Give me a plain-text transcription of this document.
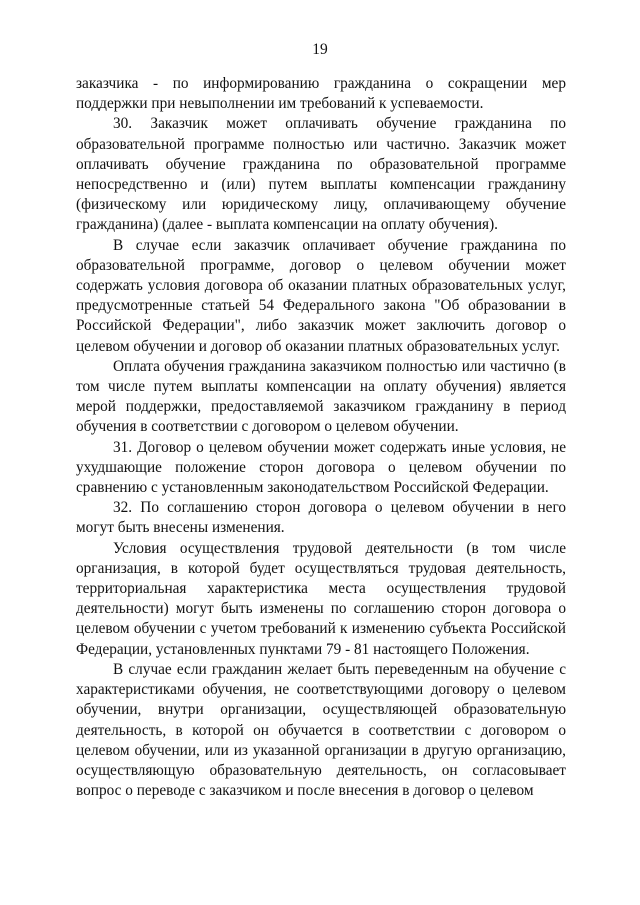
19

заказчика - по информированию гражданина о сокращении мер поддержки при невыполнении им требований к успеваемости.

30. Заказчик может оплачивать обучение гражданина по образовательной программе полностью или частично. Заказчик может оплачивать обучение гражданина по образовательной программе непосредственно и (или) путем выплаты компенсации гражданину (физическому или юридическому лицу, оплачивающему обучение гражданина) (далее - выплата компенсации на оплату обучения).

В случае если заказчик оплачивает обучение гражданина по образовательной программе, договор о целевом обучении может содержать условия договора об оказании платных образовательных услуг, предусмотренные статьей 54 Федерального закона "Об образовании в Российской Федерации", либо заказчик может заключить договор о целевом обучении и договор об оказании платных образовательных услуг.

Оплата обучения гражданина заказчиком полностью или частично (в том числе путем выплаты компенсации на оплату обучения) является мерой поддержки, предоставляемой заказчиком гражданину в период обучения в соответствии с договором о целевом обучении.

31. Договор о целевом обучении может содержать иные условия, не ухудшающие положение сторон договора о целевом обучении по сравнению с установленным законодательством Российской Федерации.

32. По соглашению сторон договора о целевом обучении в него могут быть внесены изменения.

Условия осуществления трудовой деятельности (в том числе организация, в которой будет осуществляться трудовая деятельность, территориальная характеристика места осуществления трудовой деятельности) могут быть изменены по соглашению сторон договора о целевом обучении с учетом требований к изменению субъекта Российской Федерации, установленных пунктами 79 - 81 настоящего Положения.

В случае если гражданин желает быть переведенным на обучение с характеристиками обучения, не соответствующими договору о целевом обучении, внутри организации, осуществляющей образовательную деятельность, в которой он обучается в соответствии с договором о целевом обучении, или из указанной организации в другую организацию, осуществляющую образовательную деятельность, он согласовывает вопрос о переводе с заказчиком и после внесения в договор о целевом
